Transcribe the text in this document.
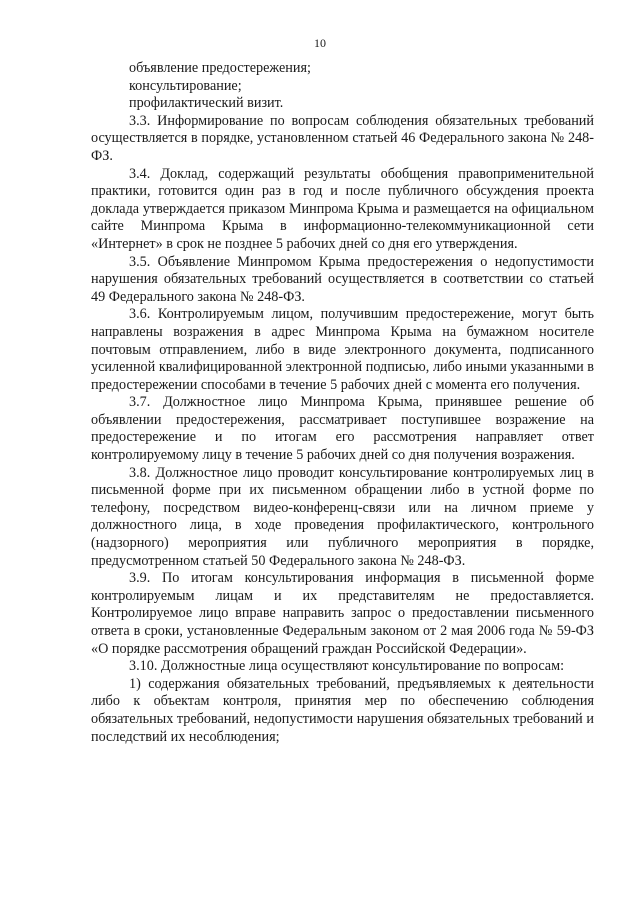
10
объявление предостережения;
консультирование;
профилактический визит.
3.3. Информирование по вопросам соблюдения обязательных требований осуществляется в порядке, установленном статьей 46 Федерального закона № 248-ФЗ.
3.4. Доклад, содержащий результаты обобщения правоприменительной практики, готовится один раз в год и после публичного обсуждения проекта доклада утверждается приказом Минпрома Крыма и размещается на официальном сайте Минпрома Крыма в информационно-телекоммуникационной сети «Интернет» в срок не позднее 5 рабочих дней со дня его утверждения.
3.5. Объявление Минпромом Крыма предостережения о недопустимости нарушения обязательных требований осуществляется в соответствии со статьей 49 Федерального закона № 248-ФЗ.
3.6. Контролируемым лицом, получившим предостережение, могут быть направлены возражения в адрес Минпрома Крыма на бумажном носителе почтовым отправлением, либо в виде электронного документа, подписанного усиленной квалифицированной электронной подписью, либо иными указанными в предостережении способами в течение 5 рабочих дней с момента его получения.
3.7. Должностное лицо Минпрома Крыма, принявшее решение об объявлении предостережения, рассматривает поступившее возражение на предостережение и по итогам его рассмотрения направляет ответ контролируемому лицу в течение 5 рабочих дней со дня получения возражения.
3.8. Должностное лицо проводит консультирование контролируемых лиц в письменной форме при их письменном обращении либо в устной форме по телефону, посредством видео-конференц-связи или на личном приеме у должностного лица, в ходе проведения профилактического, контрольного (надзорного) мероприятия или публичного мероприятия в порядке, предусмотренном статьей 50 Федерального закона № 248-ФЗ.
3.9. По итогам консультирования информация в письменной форме контролируемым лицам и их представителям не предоставляется. Контролируемое лицо вправе направить запрос о предоставлении письменного ответа в сроки, установленные Федеральным законом от 2 мая 2006 года № 59-ФЗ «О порядке рассмотрения обращений граждан Российской Федерации».
3.10. Должностные лица осуществляют консультирование по вопросам:
1) содержания обязательных требований, предъявляемых к деятельности либо к объектам контроля, принятия мер по обеспечению соблюдения обязательных требований, недопустимости нарушения обязательных требований и последствий их несоблюдения;
